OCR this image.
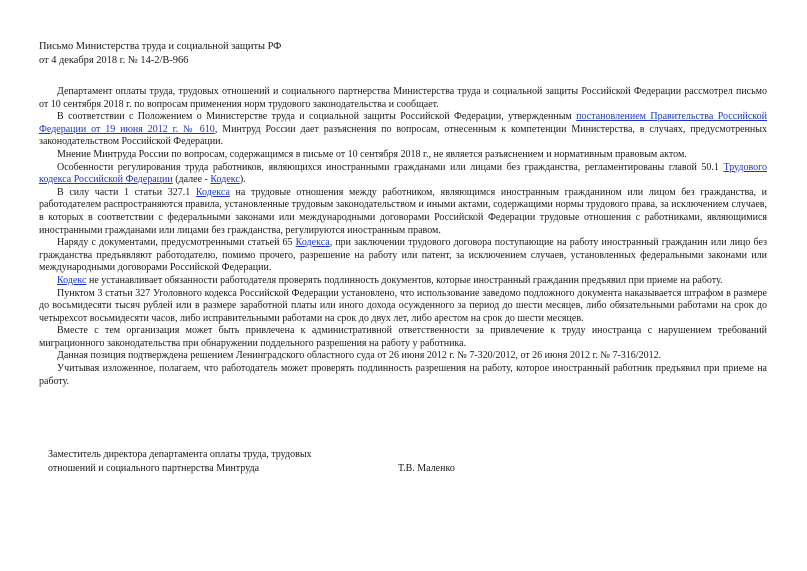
Письмо Министерства труда и социальной защиты РФ
от 4 декабря 2018 г. № 14-2/В-966

Департамент оплаты труда, трудовых отношений и социального партнерства Министерства труда и социальной защиты Российской Федерации рассмотрел письмо от 10 сентября 2018 г. по вопросам применения норм трудового законодательства и сообщает.

В соответствии с Положением о Министерстве труда и социальной защиты Российской Федерации, утвержденным постановлением Правительства Российской Федерации от 19 июня 2012 г. № 610, Минтруд России дает разъяснения по вопросам, отнесенным к компетенции Министерства, в случаях, предусмотренных законодательством Российской Федерации.

Мнение Минтруда России по вопросам, содержащимся в письме от 10 сентября 2018 г., не является разъяснением и нормативным правовым актом.

Особенности регулирования труда работников, являющихся иностранными гражданами или лицами без гражданства, регламентированы главой 50.1 Трудового кодекса Российской Федерации (далее - Кодекс).

В силу части 1 статьи 327.1 Кодекса на трудовые отношения между работником, являющимся иностранным гражданином или лицом без гражданства, и работодателем распространяются правила, установленные трудовым законодательством и иными актами, содержащими нормы трудового права, за исключением случаев, в которых в соответствии с федеральными законами или международными договорами Российской Федерации трудовые отношения с работниками, являющимися иностранными гражданами или лицами без гражданства, регулируются иностранным правом.

Наряду с документами, предусмотренными статьей 65 Кодекса, при заключении трудового договора поступающие на работу иностранный гражданин или лицо без гражданства предъявляют работодателю, помимо прочего, разрешение на работу или патент, за исключением случаев, установленных федеральными законами или международными договорами Российской Федерации.

Кодекс не устанавливает обязанности работодателя проверять подлинность документов, которые иностранный гражданин предъявил при приеме на работу.

Пунктом 3 статьи 327 Уголовного кодекса Российской Федерации установлено, что использование заведомо подложного документа наказывается штрафом в размере до восьмидесяти тысяч рублей или в размере заработной платы или иного дохода осужденного за период до шести месяцев, либо обязательными работами на срок до четырехсот восьмидесяти часов, либо исправительными работами на срок до двух лет, либо арестом на срок до шести месяцев.

Вместе с тем организация может быть привлечена к административной ответственности за привлечение к труду иностранца с нарушением требований миграционного законодательства при обнаружении поддельного разрешения на работу у работника.

Данная позиция подтверждена решением Ленинградского областного суда от 26 июня 2012 г. № 7-320/2012, от 26 июня 2012 г. № 7-316/2012.

Учитывая изложенное, полагаем, что работодатель может проверять подлинность разрешения на работу, которое иностранный работник предъявил при приеме на работу.

Заместитель директора департамента оплаты труда, трудовых
отношений и социального партнерства Минтруда	Т.В. Маленко
